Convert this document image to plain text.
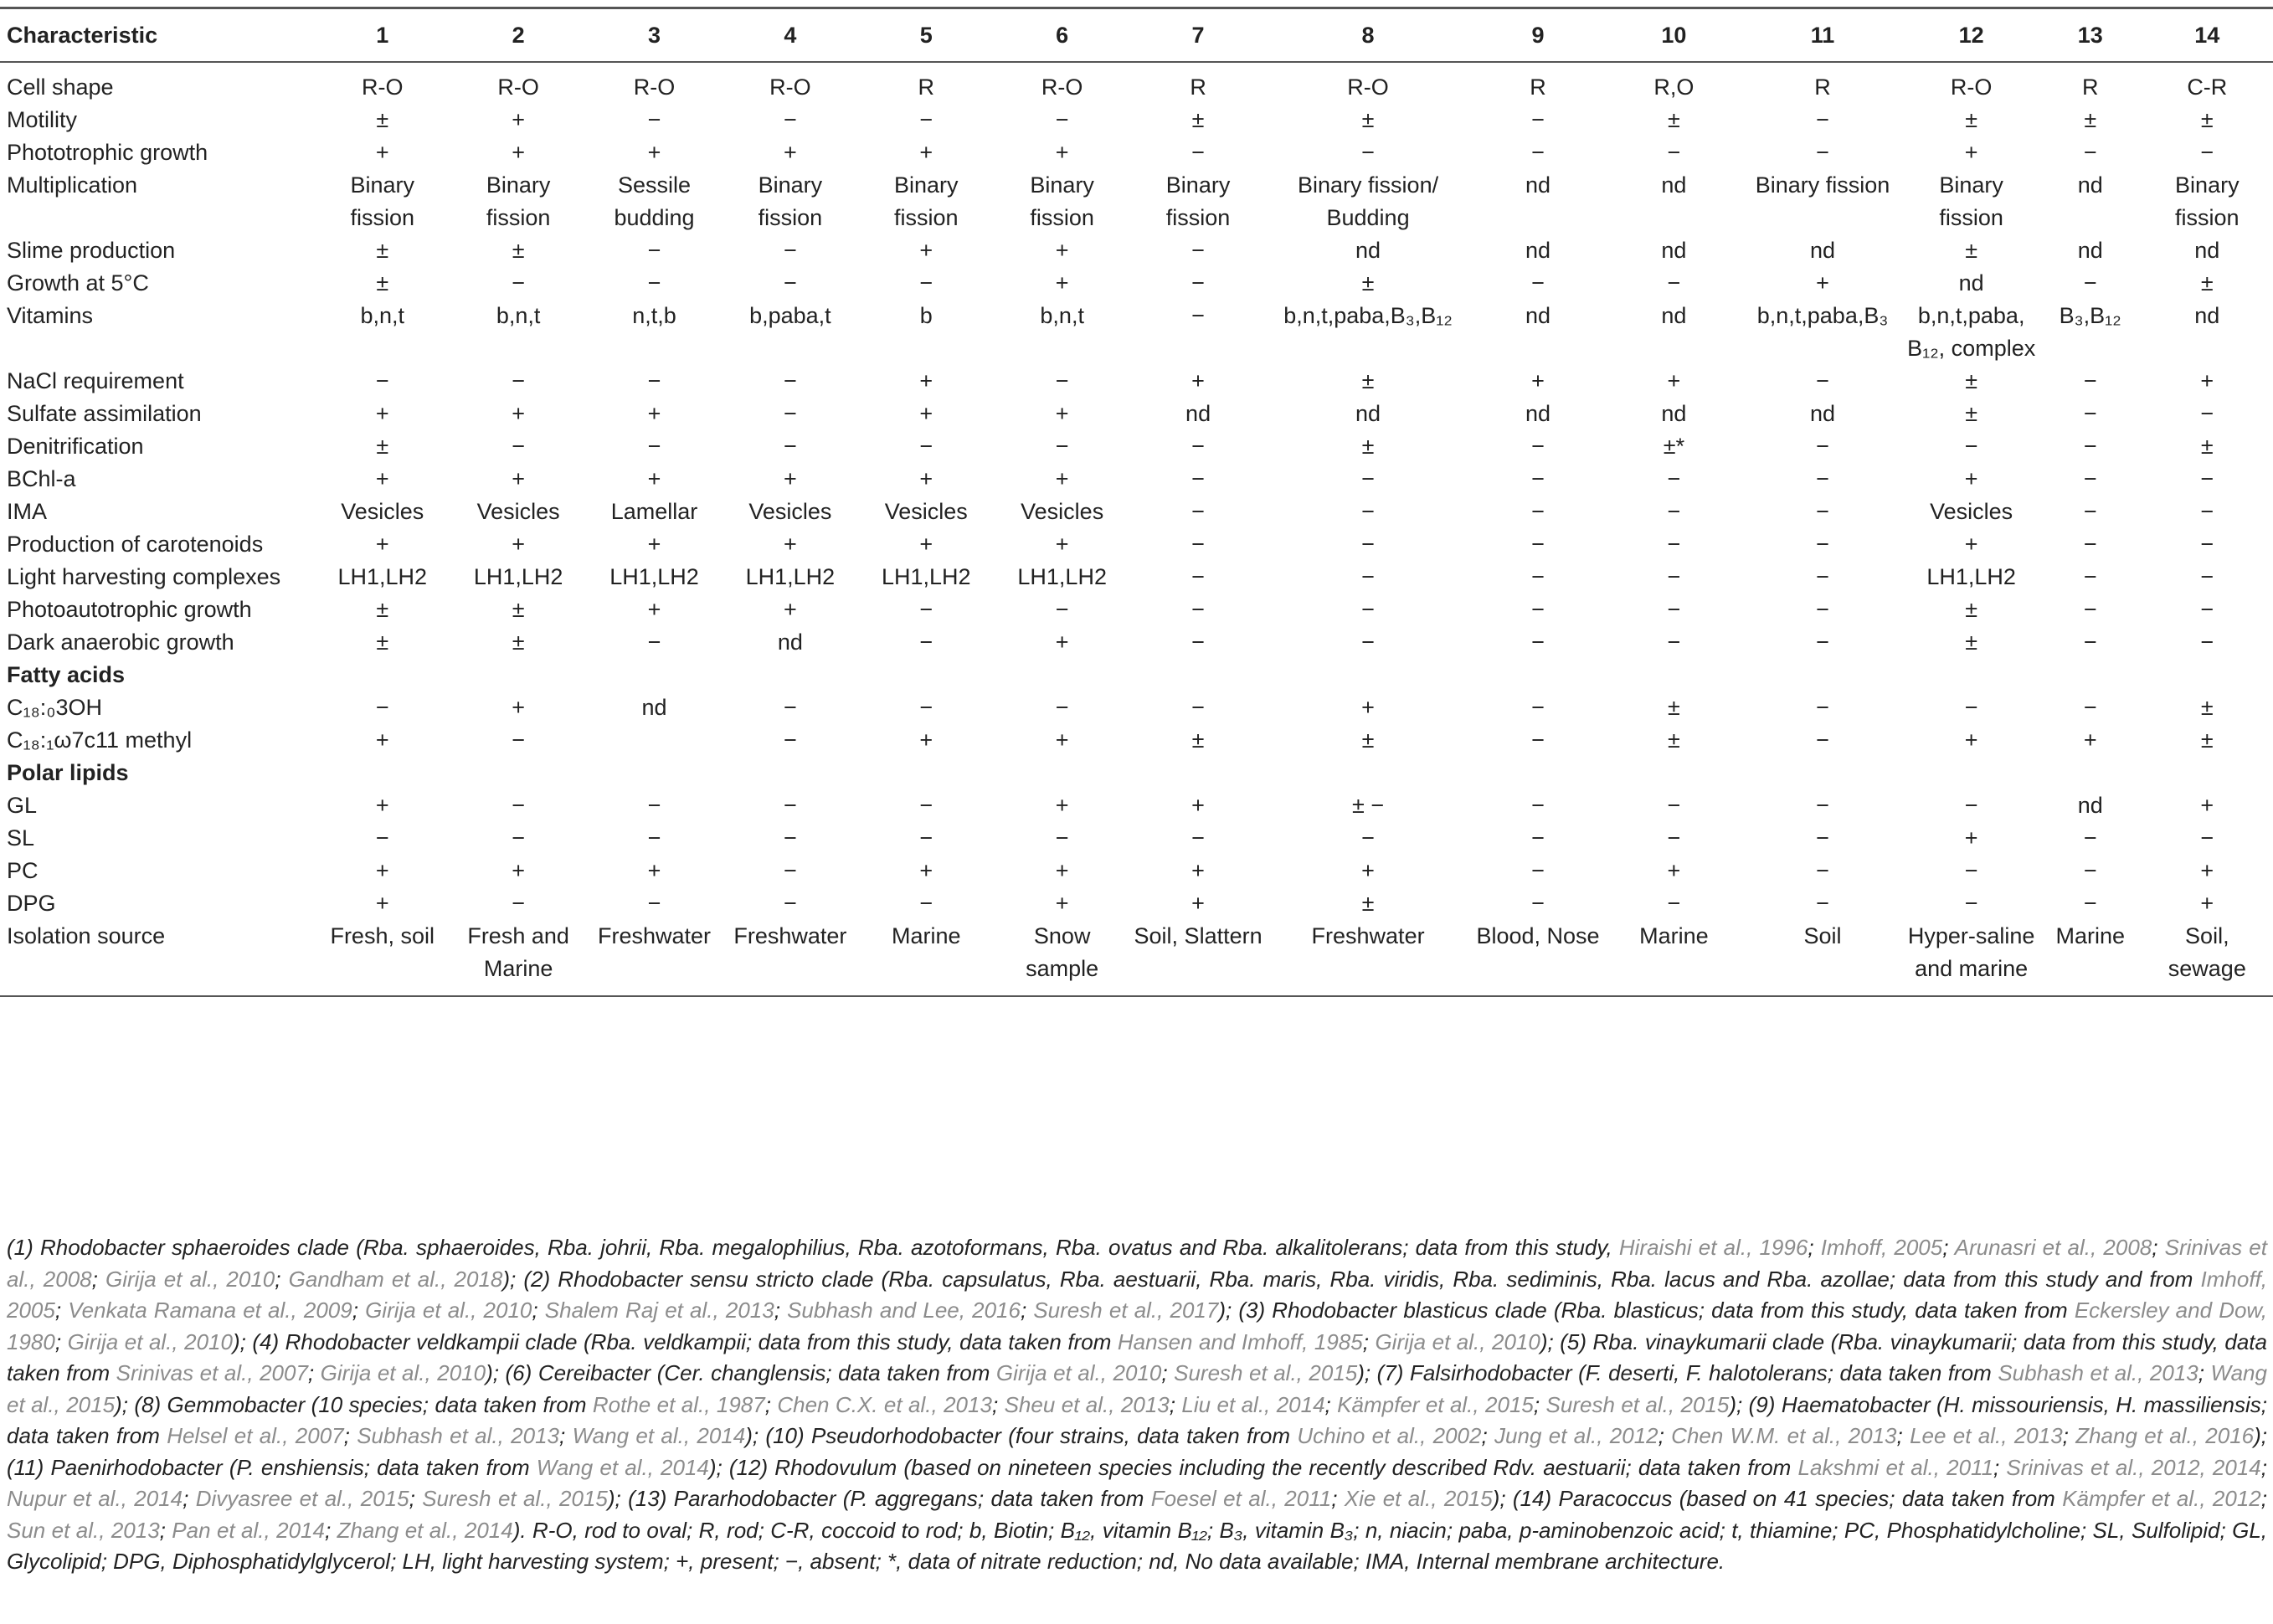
Characteristic	1	2	3	4	5	6	7	8	9	10	11	12	13	14
Cell shape	R-O	R-O	R-O	R-O	R	R-O	R	R-O	R	R,O	R	R-O	R	C-R
Motility	±	+	−	−	−	−	±	±	−	±	−	±	±	±
Phototrophic growth	+	+	+	+	+	+	−	−	−	−	−	+	−	−
Multiplication	Binary fission	Binary fission	Sessile budding	Binary fission	Binary fission	Binary fission	Binary fission	Binary fission/ Budding	nd	nd	Binary fission	Binary fission	nd	Binary fission
Slime production	±	±	−	−	+	+	−	nd	nd	nd	nd	±	nd	nd
Growth at 5°C	±	−	−	−	−	+	−	±	−	−	+	nd	−	±
Vitamins	b,n,t	b,n,t	n,t,b	b,paba,t	b	b,n,t	−	b,n,t,paba,B₃,B₁₂	nd	nd	b,n,t,paba,B₃	b,n,t,paba, B₁₂, complex	B₃,B₁₂	nd
NaCl requirement	−	−	−	−	+	−	+	±	+	+	−	±	−	+
Sulfate assimilation	+	+	+	−	+	+	nd	nd	nd	nd	nd	±	−	−
Denitrification	±	−	−	−	−	−	−	±	−	±*	−	−	−	±
BChl-a	+	+	+	+	+	+	−	−	−	−	−	+	−	−
IMA	Vesicles	Vesicles	Lamellar	Vesicles	Vesicles	Vesicles	−	−	−	−	−	Vesicles	−	−
Production of carotenoids	+	+	+	+	+	+	−	−	−	−	−	+	−	−
Light harvesting complexes	LH1,LH2	LH1,LH2	LH1,LH2	LH1,LH2	LH1,LH2	LH1,LH2	−	−	−	−	−	LH1,LH2	−	−
Photoautotrophic growth	±	±	+	+	−	−	−	−	−	−	−	±	−	−
Dark anaerobic growth	±	±	−	nd	−	+	−	−	−	−	−	±	−	−
Fatty acids														
C₁₈:₀3OH	−	+	nd	−	−	−	−	+	−	±	−	−	−	±
C₁₈:₁ω7c11 methyl	+	−		−	+	+	±	±	−	±	−	+	+	±
Polar lipids														
GL	+	−	−	−	−	+	+	± −	−	−	−	−	nd	+
SL	−	−	−	−	−	−	−	−	−	−	−	+	−	−
PC	+	+	+	−	+	+	+	+	−	+	−	−	−	+
DPG	+	−	−	−	−	+	+	±	−	−	−	−	−	+
Isolation source	Fresh, soil	Fresh and Marine	Freshwater	Freshwater	Marine	Snow sample	Soil, Slattern	Freshwater	Blood, Nose	Marine	Soil	Hyper-saline and marine	Marine	Soil, sewage
(1) Rhodobacter sphaeroides clade (Rba. sphaeroides, Rba. johrii, Rba. megalophilius, Rba. azotoformans, Rba. ovatus and Rba. alkalitolerans; data from this study, Hiraishi et al., 1996; Imhoff, 2005; Arunasri et al., 2008; Srinivas et al., 2008; Girija et al., 2010; Gandham et al., 2018); (2) Rhodobacter sensu stricto clade (Rba. capsulatus, Rba. aestuarii, Rba. maris, Rba. viridis, Rba. sediminis, Rba. lacus and Rba. azollae; data from this study and from Imhoff, 2005; Venkata Ramana et al., 2009; Girija et al., 2010; Shalem Raj et al., 2013; Subhash and Lee, 2016; Suresh et al., 2017); (3) Rhodobacter blasticus clade (Rba. blasticus; data from this study, data taken from Eckersley and Dow, 1980; Girija et al., 2010); (4) Rhodobacter veldkampii clade (Rba. veldkampii; data from this study, data taken from Hansen and Imhoff, 1985; Girija et al., 2010); (5) Rba. vinaykumarii clade (Rba. vinaykumarii; data from this study, data taken from Srinivas et al., 2007; Girija et al., 2010); (6) Cereibacter (Cer. changlensis; data taken from Girija et al., 2010; Suresh et al., 2015); (7) Falsirhodobacter (F. deserti, F. halotolerans; data taken from Subhash et al., 2013; Wang et al., 2015); (8) Gemmobacter (10 species; data taken from Rothe et al., 1987; Chen C.X. et al., 2013; Sheu et al., 2013; Liu et al., 2014; Kämpfer et al., 2015; Suresh et al., 2015); (9) Haematobacter (H. missouriensis, H. massiliensis; data taken from Helsel et al., 2007; Subhash et al., 2013; Wang et al., 2014); (10) Pseudorhodobacter (four strains, data taken from Uchino et al., 2002; Jung et al., 2012; Chen W.M. et al., 2013; Lee et al., 2013; Zhang et al., 2016); (11) Paenirhodobacter (P. enshiensis; data taken from Wang et al., 2014); (12) Rhodovulum (based on nineteen species including the recently described Rdv. aestuarii; data taken from Lakshmi et al., 2011; Srinivas et al., 2012, 2014; Nupur et al., 2014; Divyasree et al., 2015; Suresh et al., 2015); (13) Pararhodobacter (P. aggregans; data taken from Foesel et al., 2011; Xie et al., 2015); (14) Paracoccus (based on 41 species; data taken from Kämpfer et al., 2012; Sun et al., 2013; Pan et al., 2014; Zhang et al., 2014). R-O, rod to oval; R, rod; C-R, coccoid to rod; b, Biotin; B₁₂, vitamin B₁₂; B₃, vitamin B₃; n, niacin; paba, p-aminobenzoic acid; t, thiamine; PC, Phosphatidylcholine; SL, Sulfolipid; GL, Glycolipid; DPG, Diphosphatidylglycerol; LH, light harvesting system; +, present; −, absent; *, data of nitrate reduction; nd, No data available; IMA, Internal membrane architecture.
